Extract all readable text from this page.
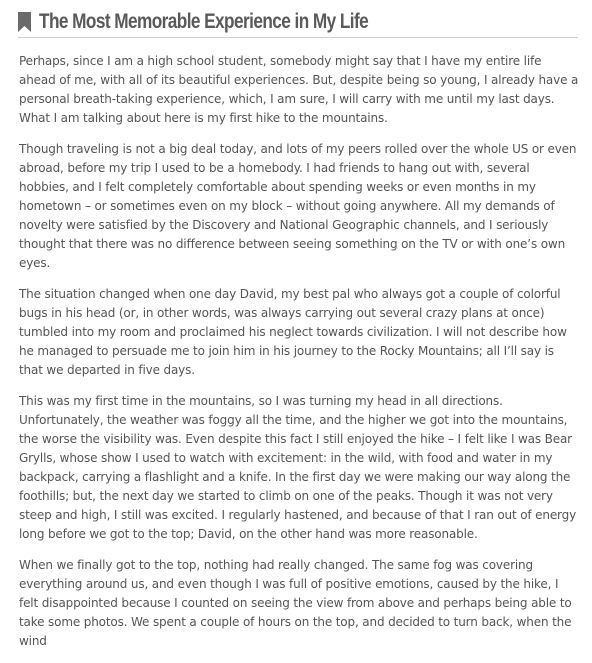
The Most Memorable Experience in My Life

Perhaps, since I am a high school student, somebody might say that I have my entire life ahead of me, with all of its beautiful experiences. But, despite being so young, I already have a personal breath-taking experience, which, I am sure, I will carry with me until my last days. What I am talking about here is my first hike to the mountains.

Though traveling is not a big deal today, and lots of my peers rolled over the whole US or even abroad, before my trip I used to be a homebody. I had friends to hang out with, several hobbies, and I felt completely comfortable about spending weeks or even months in my hometown – or sometimes even on my block – without going anywhere. All my demands of novelty were satisfied by the Discovery and National Geographic channels, and I seriously thought that there was no difference between seeing something on the TV or with one’s own eyes.

The situation changed when one day David, my best pal who always got a couple of colorful bugs in his head (or, in other words, was always carrying out several crazy plans at once) tumbled into my room and proclaimed his neglect towards civilization. I will not describe how he managed to persuade me to join him in his journey to the Rocky Mountains; all I’ll say is that we departed in five days.

This was my first time in the mountains, so I was turning my head in all directions. Unfortunately, the weather was foggy all the time, and the higher we got into the mountains, the worse the visibility was. Even despite this fact I still enjoyed the hike – I felt like I was Bear Grylls, whose show I used to watch with excitement: in the wild, with food and water in my backpack, carrying a flashlight and a knife. In the first day we were making our way along the foothills; but, the next day we started to climb on one of the peaks. Though it was not very steep and high, I still was excited. I regularly hastened, and because of that I ran out of energy long before we got to the top; David, on the other hand was more reasonable.

When we finally got to the top, nothing had really changed. The same fog was covering everything around us, and even though I was full of positive emotions, caused by the hike, I felt disappointed because I counted on seeing the view from above and perhaps being able to take some photos. We spent a couple of hours on the top, and decided to turn back, when the wind
